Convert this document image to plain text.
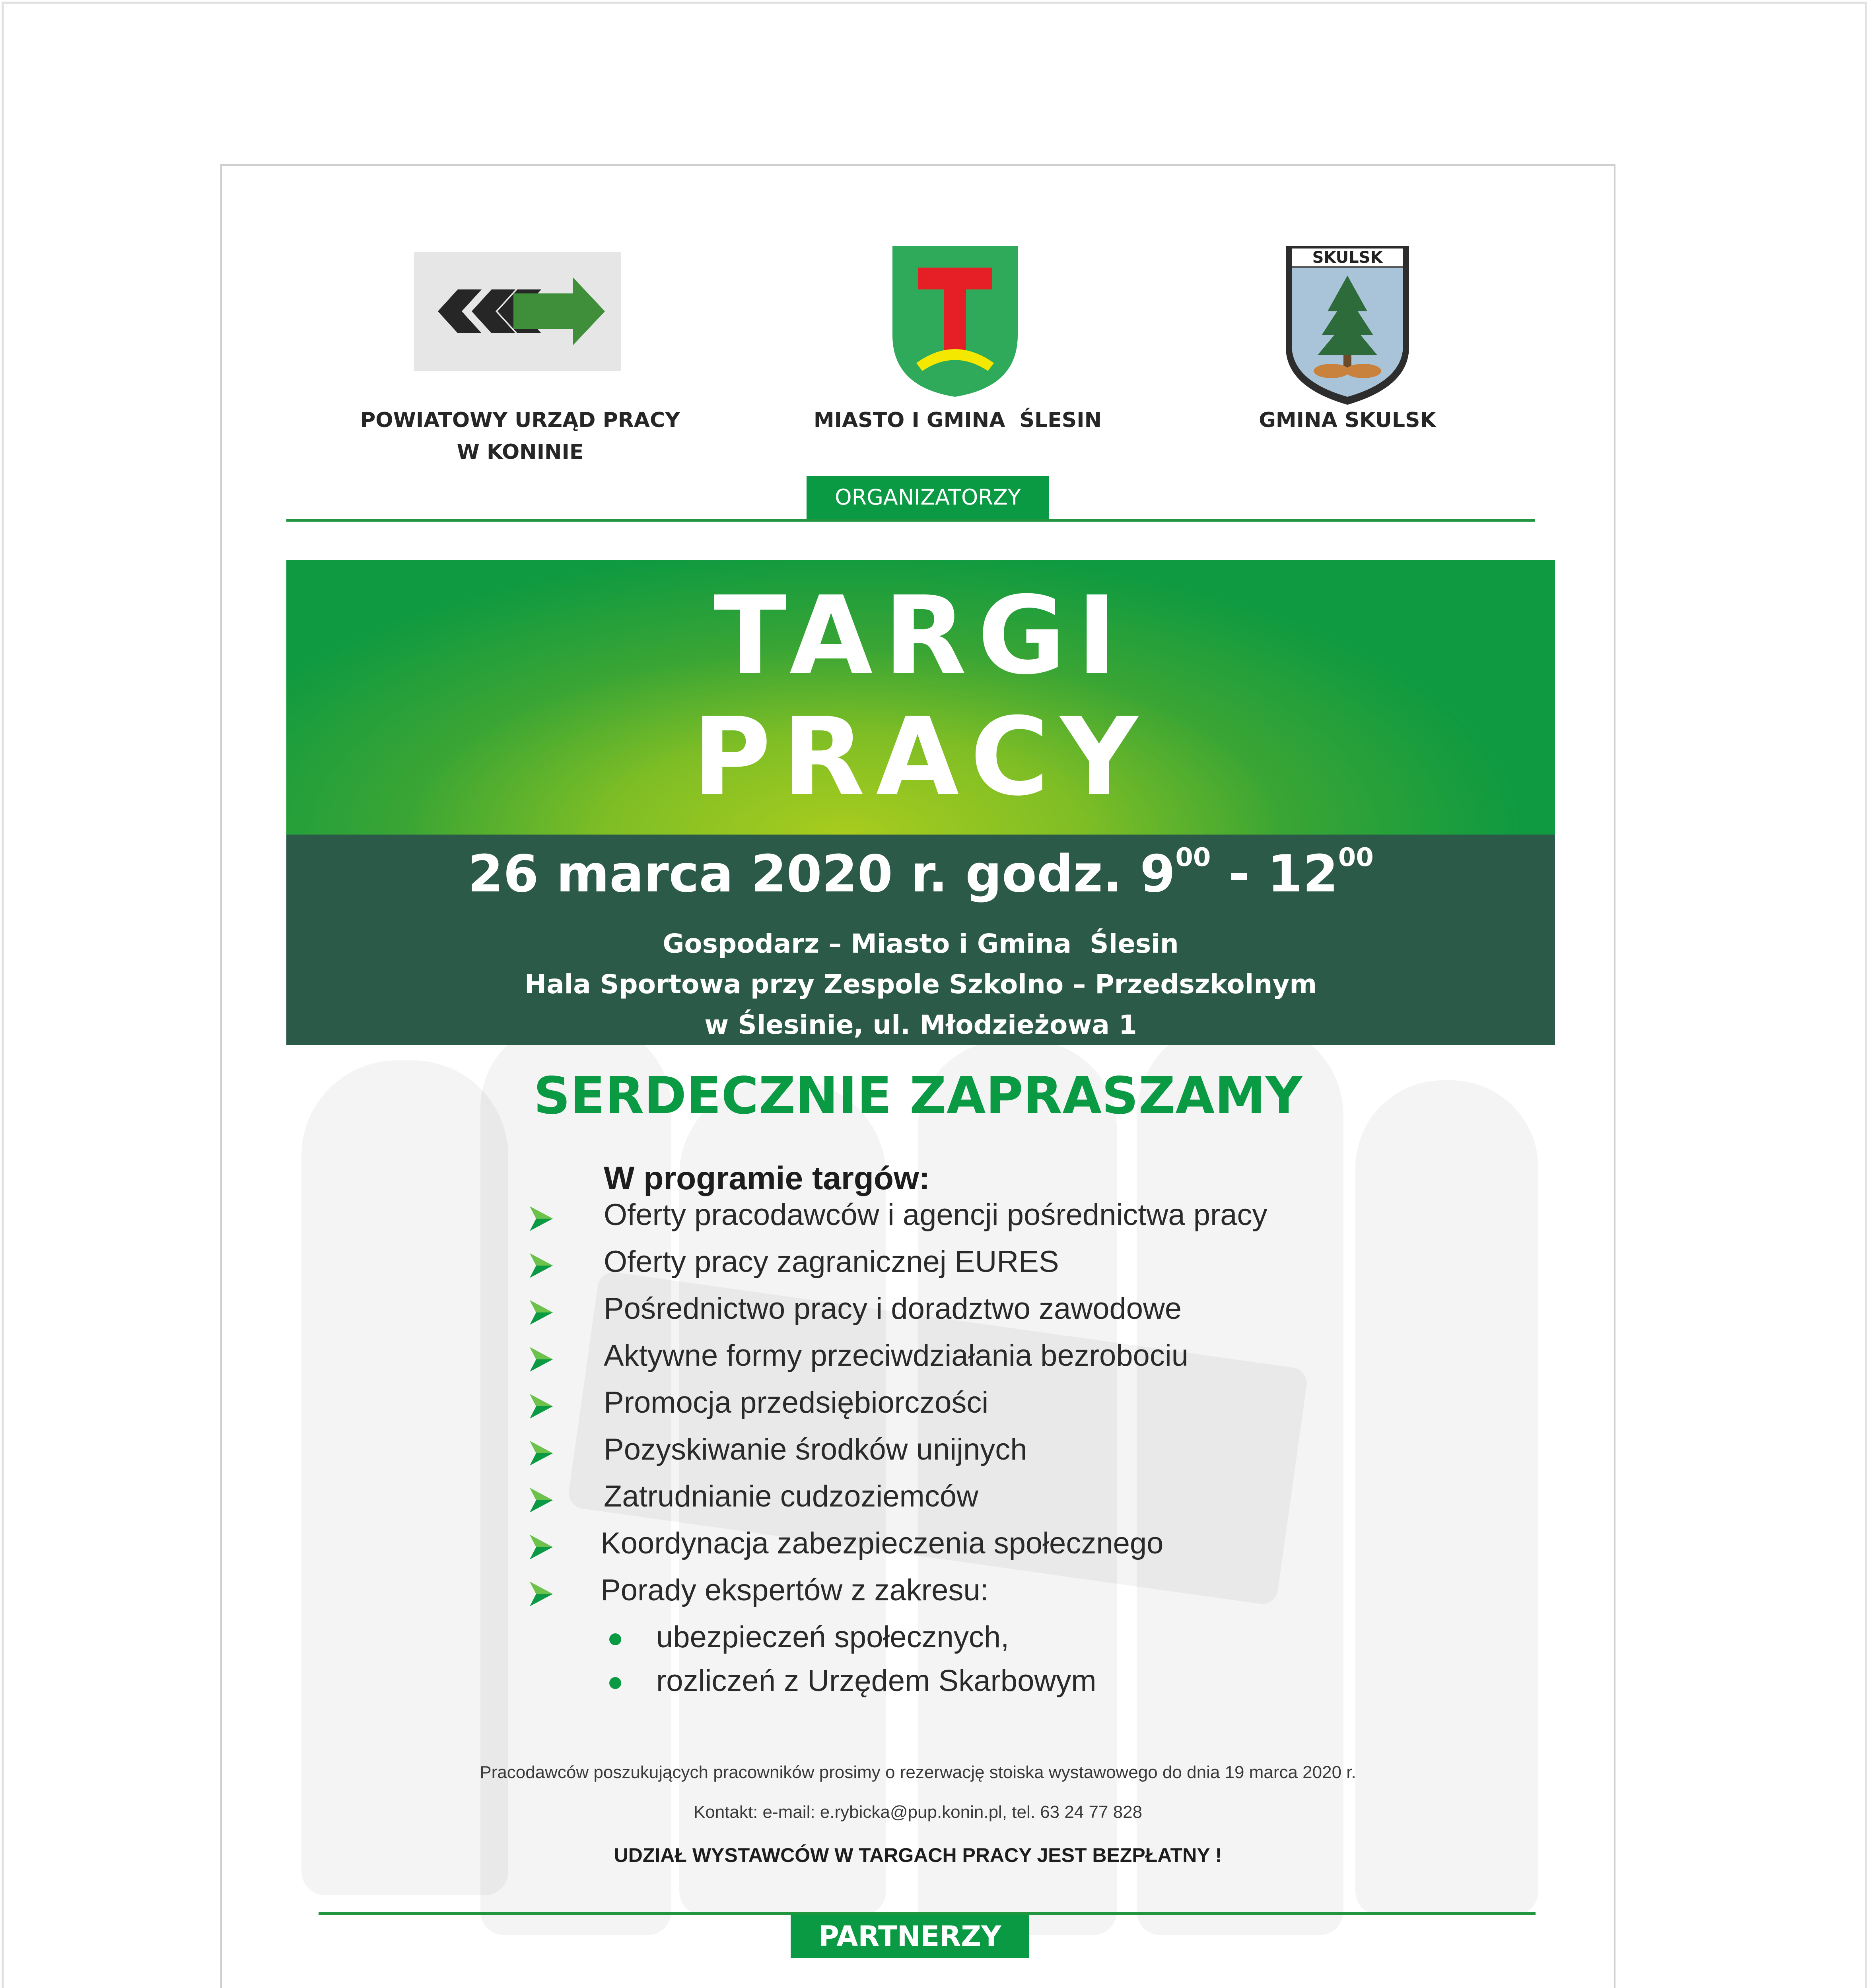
POWIATOWY URZĄD PRACY
W KONINIE
MIASTO I GMINA  ŚLESIN
SKULSK
GMINA SKULSK
ORGANIZATORZY
TARGI
PRACY
26 marca 2020 r. godz. $9^{00} - 12^{00}$
Gospodarz – Miasto i Gmina  Ślesin
Hala Sportowa przy Zespole Szkolno – Przedszkolnym
w Ślesinie, ul. Młodzieżowa 1
SERDECZNIE ZAPRASZAMY
W programie targów:
Oferty pracodawców i agencji pośrednictwa pracy
Oferty pracy zagranicznej EURES
Pośrednictwo pracy i doradztwo zawodowe
Aktywne formy przeciwdziałania bezrobociu
Promocja przedsiębiorczości
Pozyskiwanie środków unijnych
Zatrudnianie cudzoziemców
Koordynacja zabezpieczenia społecznego
Porady ekspertów z zakresu:
ubezpieczeń społecznych,
rozliczeń z Urzędem Skarbowym
Pracodawców poszukujących pracowników prosimy o rezerwację stoiska wystawowego do dnia 19 marca 2020 r.
Kontakt: e-mail: e.rybicka@pup.konin.pl, tel. 63 24 77 828
UDZIAŁ WYSTAWCÓW W TARGACH PRACY JEST BEZPŁATNY !
PARTNERZY
